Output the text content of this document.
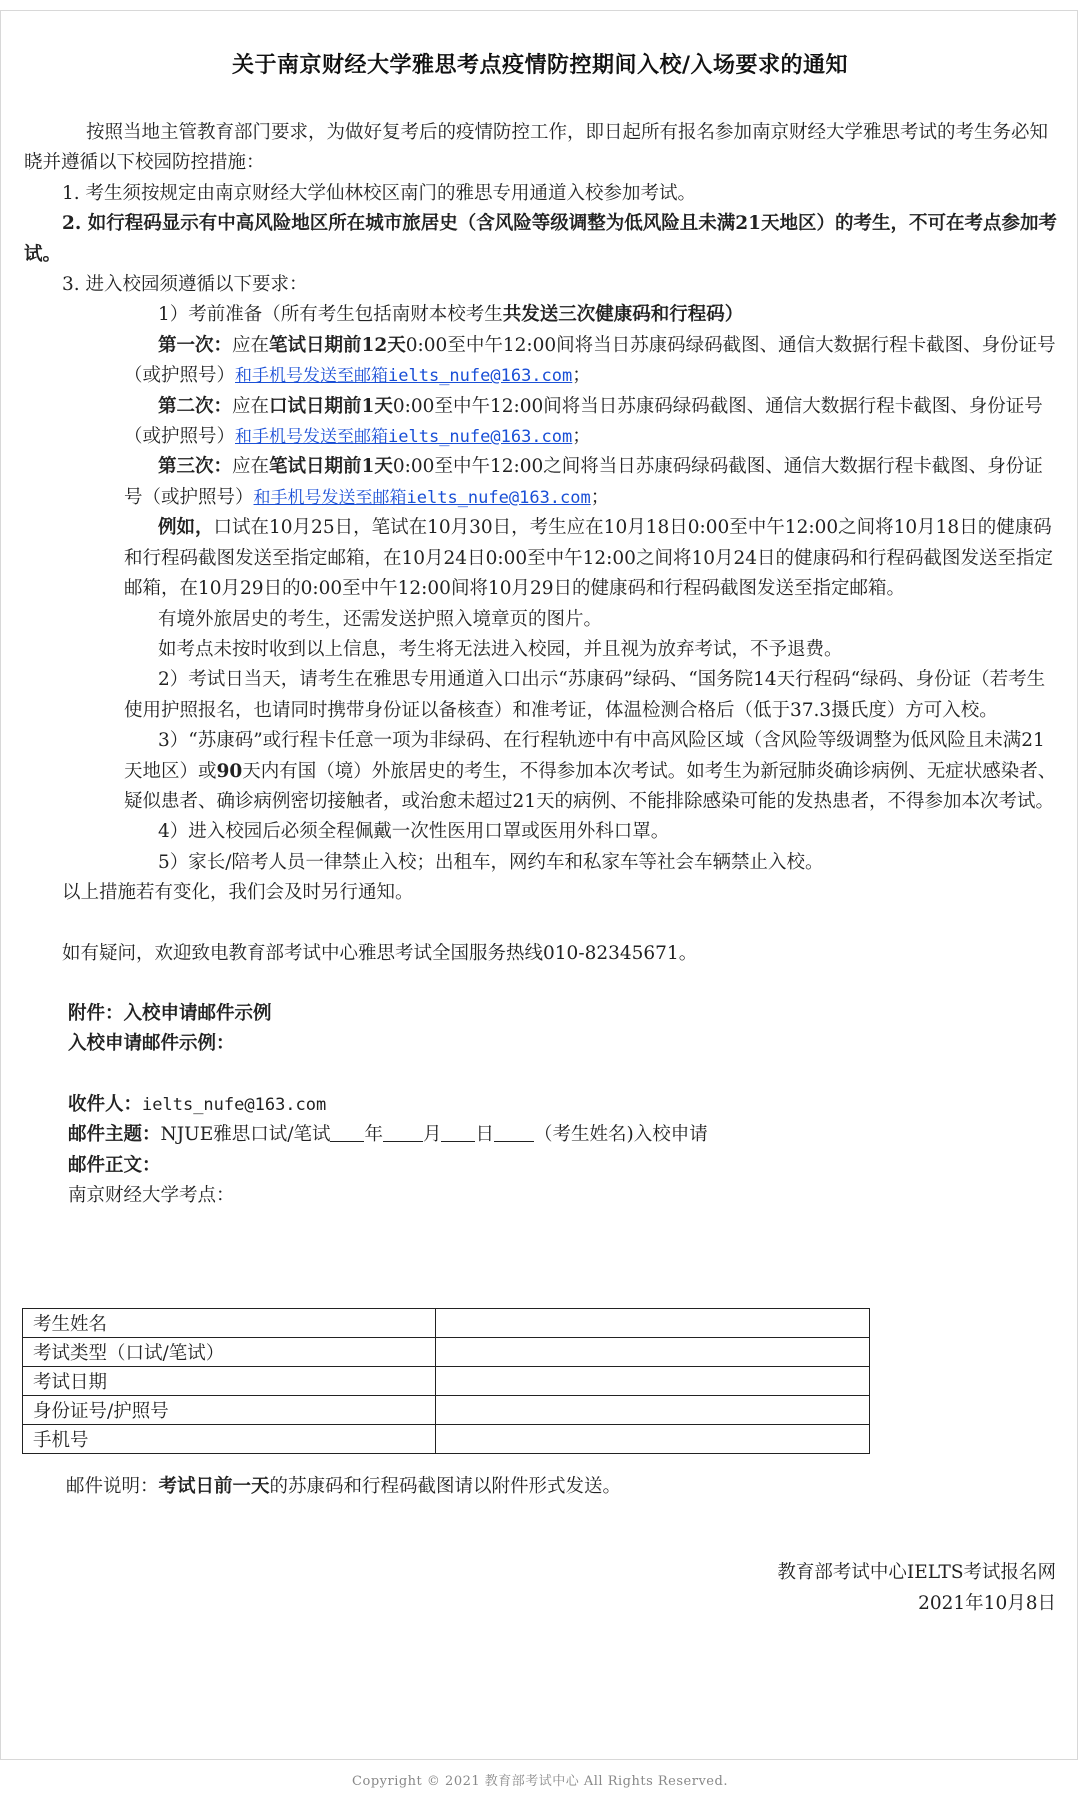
关于南京财经大学雅思考点疫情防控期间入校/入场要求的通知

按照当地主管教育部门要求，为做好复考后的疫情防控工作，即日起所有报名参加南京财经大学雅思考试的考生务必知晓并遵循以下校园防控措施：

1. 考生须按规定由南京财经大学仙林校区南门的雅思专用通道入校参加考试。

2. 如行程码显示有中高风险地区所在城市旅居史（含风险等级调整为低风险且未满21天地区）的考生，不可在考点参加考试。

3. 进入校园须遵循以下要求：

1）考前准备（所有考生包括南财本校考生共发送三次健康码和行程码）

第一次：应在笔试日期前12天0:00至中午12:00间将当日苏康码绿码截图、通信大数据行程卡截图、身份证号（或护照号）和手机号发送至邮箱ielts_nufe@163.com；

第二次：应在口试日期前1天0:00至中午12:00间将当日苏康码绿码截图、通信大数据行程卡截图、身份证号（或护照号）和手机号发送至邮箱ielts_nufe@163.com；

第三次：应在笔试日期前1天0:00至中午12:00之间将当日苏康码绿码截图、通信大数据行程卡截图、身份证号（或护照号）和手机号发送至邮箱ielts_nufe@163.com；

例如，口试在10月25日，笔试在10月30日，考生应在10月18日0:00至中午12:00之间将10月18日的健康码和行程码截图发送至指定邮箱，在10月24日0:00至中午12:00之间将10月24日的健康码和行程码截图发送至指定邮箱，在10月29日的0:00至中午12:00间将10月29日的健康码和行程码截图发送至指定邮箱。

有境外旅居史的考生，还需发送护照入境章页的图片。

如考点未按时收到以上信息，考生将无法进入校园，并且视为放弃考试，不予退费。

2）考试日当天，请考生在雅思专用通道入口出示“苏康码”绿码、“国务院14天行程码“绿码、身份证（若考生使用护照报名，也请同时携带身份证以备核查）和准考证，体温检测合格后（低于37.3摄氏度）方可入校。

3）“苏康码”或行程卡任意一项为非绿码、在行程轨迹中有中高风险区域（含风险等级调整为低风险且未满21天地区）或90天内有国（境）外旅居史的考生，不得参加本次考试。如考生为新冠肺炎确诊病例、无症状感染者、疑似患者、确诊病例密切接触者，或治愈未超过21天的病例、不能排除感染可能的发热患者，不得参加本次考试。

4）进入校园后必须全程佩戴一次性医用口罩或医用外科口罩。

5）家长/陪考人员一律禁止入校；出租车，网约车和私家车等社会车辆禁止入校。

以上措施若有变化，我们会及时另行通知。

如有疑问，欢迎致电教育部考试中心雅思考试全国服务热线010-82345671。

附件：入校申请邮件示例

入校申请邮件示例：

收件人：ielts_nufe@163.com

邮件主题：NJUE雅思口试/笔试 年 月 日 （考生姓名)入校申请

邮件正文：

南京财经大学考点：

考生姓名	
考试类型（口试/笔试）	
考试日期	
身份证号/护照号	
手机号	
邮件说明：考试日前一天的苏康码和行程码截图请以附件形式发送。
教育部考试中心IELTS考试报名网
2021年10月8日
Copyright © 2021 教育部考试中心 All Rights Reserved.
